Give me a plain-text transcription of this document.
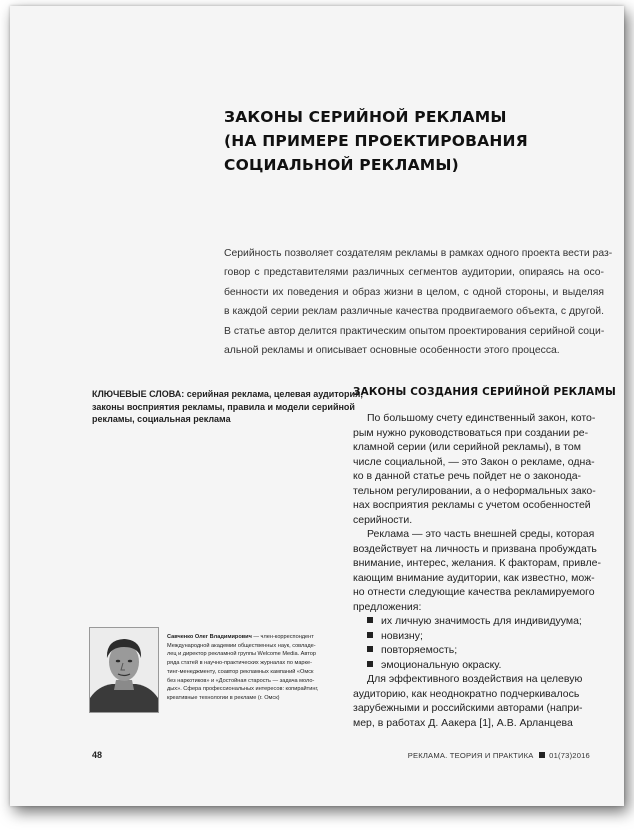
ЗАКОНЫ СЕРИЙНОЙ РЕКЛАМЫ
(НА ПРИМЕРЕ ПРОЕКТИРОВАНИЯ
СОЦИАЛЬНОЙ РЕКЛАМЫ)

Серийность позволяет создателям рекламы в рамках одного проекта вести раз-
говор с представителями различных сегментов аудитории, опираясь на осо-
бенности их поведения и образ жизни в целом, с одной стороны, и выделяя
в каждой серии реклам различные качества продвигаемого объекта, с другой.
В статье автор делится практическим опытом проектирования серийной соци-
альной рекламы и описывает основные особенности этого процесса.

КЛЮЧЕВЫЕ СЛОВА: серийная реклама, целевая аудитория,
законы восприятия рекламы, правила и модели серийной
рекламы, социальная реклама
ЗАКОНЫ СОЗДАНИЯ СЕРИЙНОЙ РЕКЛАМЫ
По большому счету единственный закон, кото-
рым нужно руководствоваться при создании ре-
кламной серии (или серийной рекламы), в том
числе социальной, — это Закон о рекламе, одна-
ко в данной статье речь пойдет не о законода-
тельном регулировании, а о неформальных зако-
нах восприятия рекламы с учетом особенностей
серийности.
Реклама — это часть внешней среды, которая
воздействует на личность и призвана пробуждать
внимание, интерес, желания. К факторам, привле-
кающим внимание аудитории, как известно, мож-
но отнести следующие качества рекламируемого
предложения:
их личную значимость для индивидуума;
новизну;
повторяемость;
эмоциональную окраску.
Для эффективного воздействия на целевую
аудиторию, как неоднократно подчеркивалось
зарубежными и российскими авторами (напри-
мер, в работах Д. Аакера [1], А.В. Арланцева
Савченко Олег Владимирович — член-корреспондент
Международной академии общественных наук, совладе-
лец и директор рекламной группы Welcome Media. Автор
ряда статей в научно-практических журналах по марке-
тинг-менеджменту, соавтор рекламных кампаний «Омск
без наркотиков» и «Достойная старость — задача моло-
дых». Сфера профессиональных интересов: копирайтинг,
креативные технологии в рекламе (г. Омск)
48	РЕКЛАМА. ТЕОРИЯ И ПРАКТИКА 01(73)2016
